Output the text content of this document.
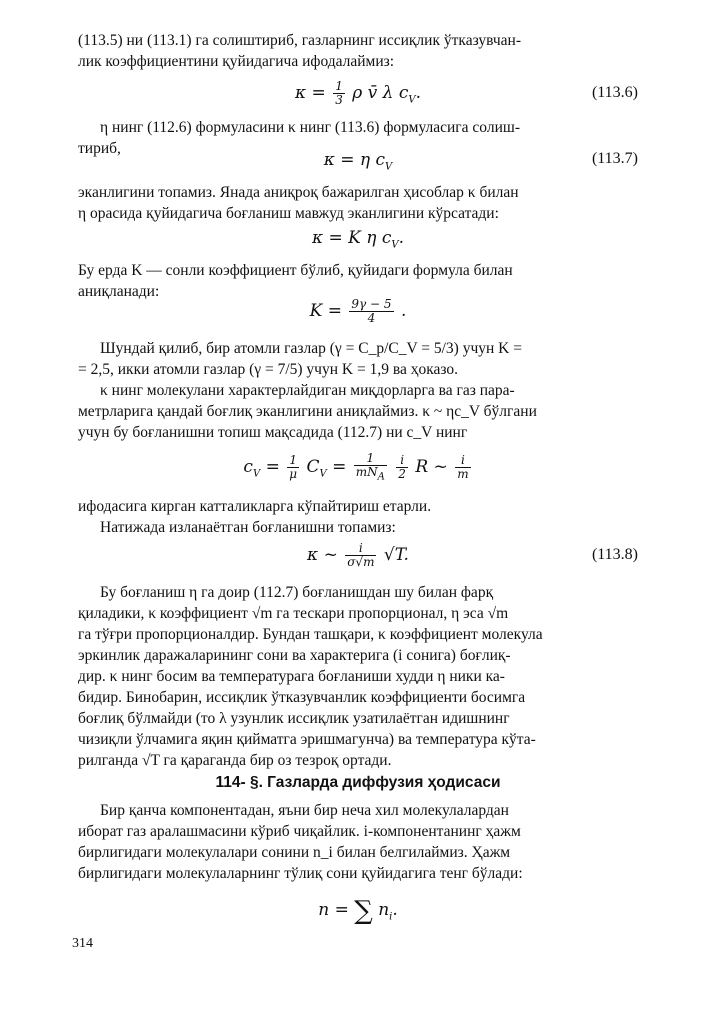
(113.5) ни (113.1) га солиштириб, газларнинг иссиқлик ўтказувчан-
лик коэффициентини қуйидагича ифодалаймиз:
$\kappa = \frac{1}{3}$ ρ v̄ λ $c_V$.	(113.6)
η нинг (112.6) формуласини κ нинг (113.6) формуласига солиш-
тириб,
κ = η $c_V$	(113.7)
эканлигини топамиз. Янада аниқроқ бажарилган ҳисоблар κ билан
η орасида қуйидагича боғланиш мавжуд эканлигини кўрсатади:
κ = K η $c_V$.
Бу ерда K — сонли коэффициент бўлиб, қуйидаги формула билан
аниқланади:
$K = \frac{9\gamma - 5}{4}$ .
Шундай қилиб, бир атомли газлар (γ = C_p/C_V = 5/3) учун K =
= 2,5, икки атомли газлар (γ = 7/5) учун K = 1,9 ва ҳоказо.
κ нинг молекулани характерлайдиган миқдорларга ва газ пара-
метрларига қандай боғлиқ эканлигини аниқлаймиз. κ ~ ηc_V бўлгани
учун бу боғланишни топиш мақсадида (112.7) ни c_V нинг
$c_V = \frac{1}{\mu} C_V = \frac{1}{mN_A}$
$\frac{i}{2}$ R ~ $\frac{i}{m}$
ифодасига кирган катталикларга кўпайтириш етарли.
Натижада изланаётган боғланишни топамиз:
κ ~ $\frac{i}{\sigma√m} √T$.	(113.8)
Бу боғланиш η га доир (112.7) боғланишдан шу билан фарқ
қиладики, κ коэффициент √m га тескари пропорционал, η эса √m
га тўғри пропорционалдир. Бундан ташқари, κ коэффициент молекула
эркинлик даражаларининг сони ва характерига (i сонига) боғлиқ-
дир. κ нинг босим ва температурага боғланиши худди η ники ка-
бидир. Бинобарин, иссиқлик ўтказувчанлик коэффициенти босимга
боғлиқ бўлмайди (то λ узунлик иссиқлик узатилаётган идишнинг
чизиқли ўлчамига яқин қийматга эришмагунча) ва температура кўта-
рилганда √T га қараганда бир оз тезроқ ортади.
114- §. Газларда диффузия ҳодисаси
Бир қанча компонентадан, яъни бир неча хил молекулалардан
иборат газ аралашмасини кўриб чиқайлик. i-компонентанинг ҳажм
бирлигидаги молекулалари сонини n_i билан белгилаймиз. Ҳажм
бирлигидаги молекулаларнинг тўлиқ сони қуйидагига тенг бўлади:
n = ∑ $n_i$.
314
